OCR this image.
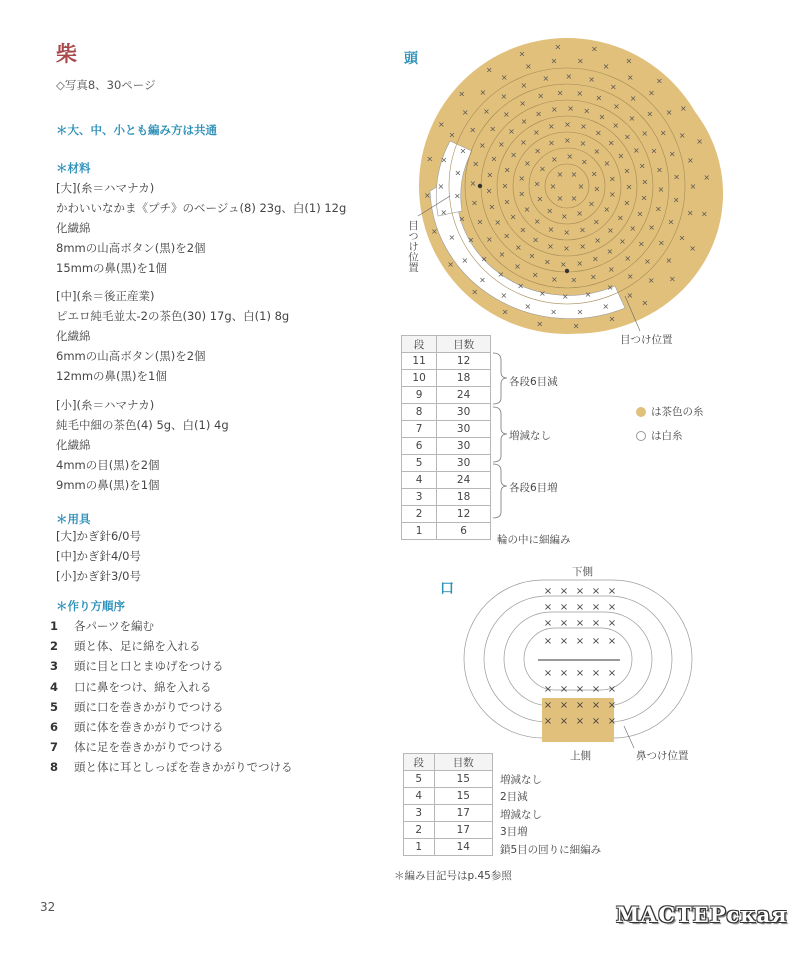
柴
◇写真8、30ページ
＊大、中、小とも編み方は共通
＊材料
[大](糸＝ハマナカ)
かわいいなかま《プチ》のベージュ(8) 23g、白(1) 12g
化繊綿
8mmの山高ボタン(黒)を2個
15mmの鼻(黒)を1個
[中](糸＝後正産業)
ピエロ純毛並太-2の茶色(30) 17g、白(1) 8g
化繊綿
6mmの山高ボタン(黒)を2個
12mmの鼻(黒)を1個
[小](糸＝ハマナカ)
純毛中細の茶色(4) 5g、白(1) 4g
化繊綿
4mmの目(黒)を2個
9mmの鼻(黒)を1個
＊用具
[大]かぎ針6/0号
[中]かぎ針4/0号
[小]かぎ針3/0号
＊作り方順序
1	各パーツを編む
2	頭と体、足に綿を入れる
3	頭に目と口とまゆげをつける
4	口に鼻をつけ、綿を入れる
5	頭に口を巻きかがりでつける
6	頭に体を巻きかがりでつける
7	体に足を巻きかがりでつける
8	頭と体に耳としっぽを巻きかがりでつける
32
頭
×
×
×
×
× ×
×
×
×
×
×
×
×
×
× ×
×
×
×
×
×
×
×
×
×
×
×
×
×
×
× × ×
×
×
×
×
×
×
×
×
×
×
×
×
×
×
×
×
×
×
×
× × ×
×
×
×
×
×
×
×
×
×
×
×
×
×
×
×
×
×
×
×
×
×
×
×
×
× × × ×
×
×
×
×
×
×
×
×
×
×
×
×
×
×
×
×
×
×
×
×
×
×
×
×
×
×
× × ×
×
×
×
×
×
×
×
×
×
×
×
×
×
×
×
×
×
×
×
×
×
×
×
×
×
×
×
× × ×
×
×
×
×
×
×
×
×
×
×
×
×
×
×
×
×
×
×
×
×
×
×
×
×
×
×
×
× ×
×
×
×
×
×
×
×
×
×
×
×
×
×
×
×
×
×
×
×
×
×
×
×
×
×	×
×
×
×
×
×
×
×
目つけ位置
目つけ位置
段	目数
11	12
10	18
9	24
8	30
7	30
6	30
5	30
4	24
3	18
2	12
1	6
各段6目減
増減なし
各段6目増
輪の中に細編み
は茶色の糸
は白糸
口
下側
× × × × ×
× × × × ×
× × × × ×
× × × × ×
× × × × ×
× × × × ×
× × × × ×
× × × × ×
上側	鼻つけ位置
段	目数
5	15
4	15
3	17
2	17
1	14
増減なし
2目減
増減なし
3目増
鎖5目の回りに細編み
＊編み目記号はp.45参照
МАСТЕРская
